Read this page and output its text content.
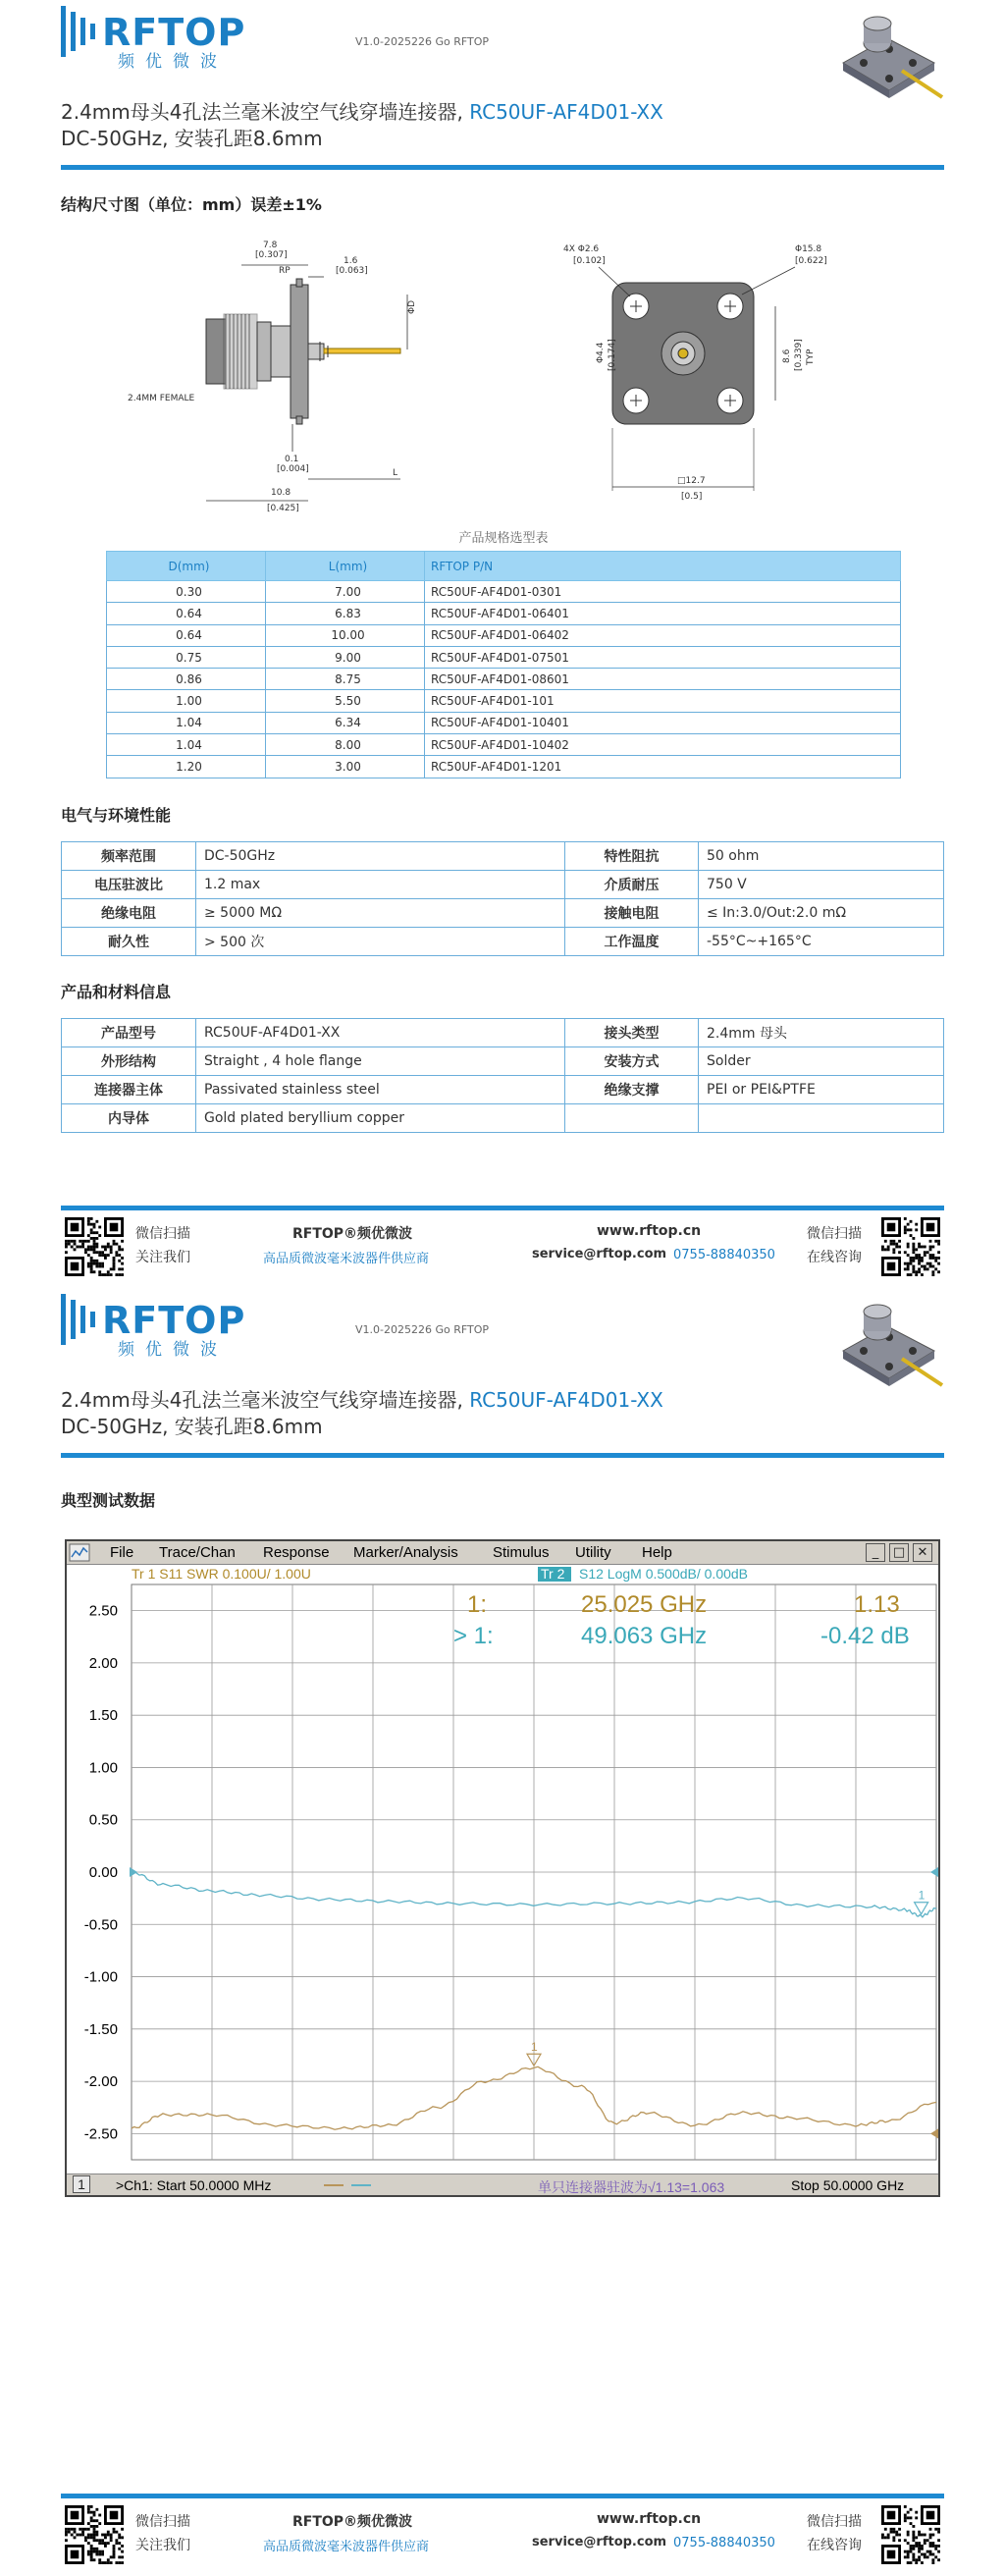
RFTOP
频优微波
V1.0-2025226 Go RFTOP
2.4mm母头4孔法兰毫米波空气线穿墙连接器, RC50UF-AF4D01-XX
DC-50GHz, 安装孔距8.6mm
结构尺寸图（单位：mm）误差±1%
7.8
[0.307]
RP
1.6
[0.063]
ΦD
2.4MM FEMALE
0.1
[0.004]	L
10.8
[0.425]
4X Φ2.6
[0.102]
Φ15.8
[0.622]
Φ4.4 [0.174]	8.6 [0.339] TYP
□12.7
[0.5]
产品规格选型表
D(mm)	L(mm)	RFTOP P/N
0.30	7.00	RC50UF-AF4D01-0301
0.64	6.83	RC50UF-AF4D01-06401
0.64	10.00	RC50UF-AF4D01-06402
0.75	9.00	RC50UF-AF4D01-07501
0.86	8.75	RC50UF-AF4D01-08601
1.00	5.50	RC50UF-AF4D01-101
1.04	6.34	RC50UF-AF4D01-10401
1.04	8.00	RC50UF-AF4D01-10402
1.20	3.00	RC50UF-AF4D01-1201
电气与环境性能
频率范围	DC-50GHz	特性阻抗	50 ohm
电压驻波比	1.2 max	介质耐压	750 V
绝缘电阻	≥ 5000 MΩ	接触电阻	≤ In:3.0/Out:2.0 mΩ
耐久性	> 500 次	工作温度	-55°C~+165°C
产品和材料信息
产品型号	RC50UF-AF4D01-XX	接头类型	2.4mm 母头
外形结构	Straight , 4 hole flange	安装方式	Solder
连接器主体	Passivated stainless steel	绝缘支撑	PEI or PEI&PTFE
内导体	Gold plated beryllium copper		
微信扫描
关注我们
RFTOP®频优微波
高品质微波毫米波器件供应商
www.rftop.cn
service@rftop.com 0755-88840350
微信扫描
在线咨询
RFTOP
频优微波
V1.0-2025226 Go RFTOP
2.4mm母头4孔法兰毫米波空气线穿墙连接器, RC50UF-AF4D01-XX
DC-50GHz, 安装孔距8.6mm
典型测试数据
微信扫描
关注我们
RFTOP®频优微波
高品质微波毫米波器件供应商
www.rftop.cn
service@rftop.com 0755-88840350
微信扫描
在线咨询
File Trace/Chan Response Marker/Analysis Stimulus Utility Help	_	□ ✕
Tr 1 S11 SWR 0.100U/ 1.00U	Tr 2 S12 LogM 0.500dB/ 0.00dB
2.50
2.00
1.50
1.00
0.50
0.00
-0.50
-1.00
-1.50
-2.00
-2.50
1
1
1:	25.025 GHz	1.13
> 1:	49.063 GHz	-0.42 dB
1	>Ch1: Start 50.0000 MHz	单只连接器驻波为√1.13=1.063	Stop 50.0000 GHz
